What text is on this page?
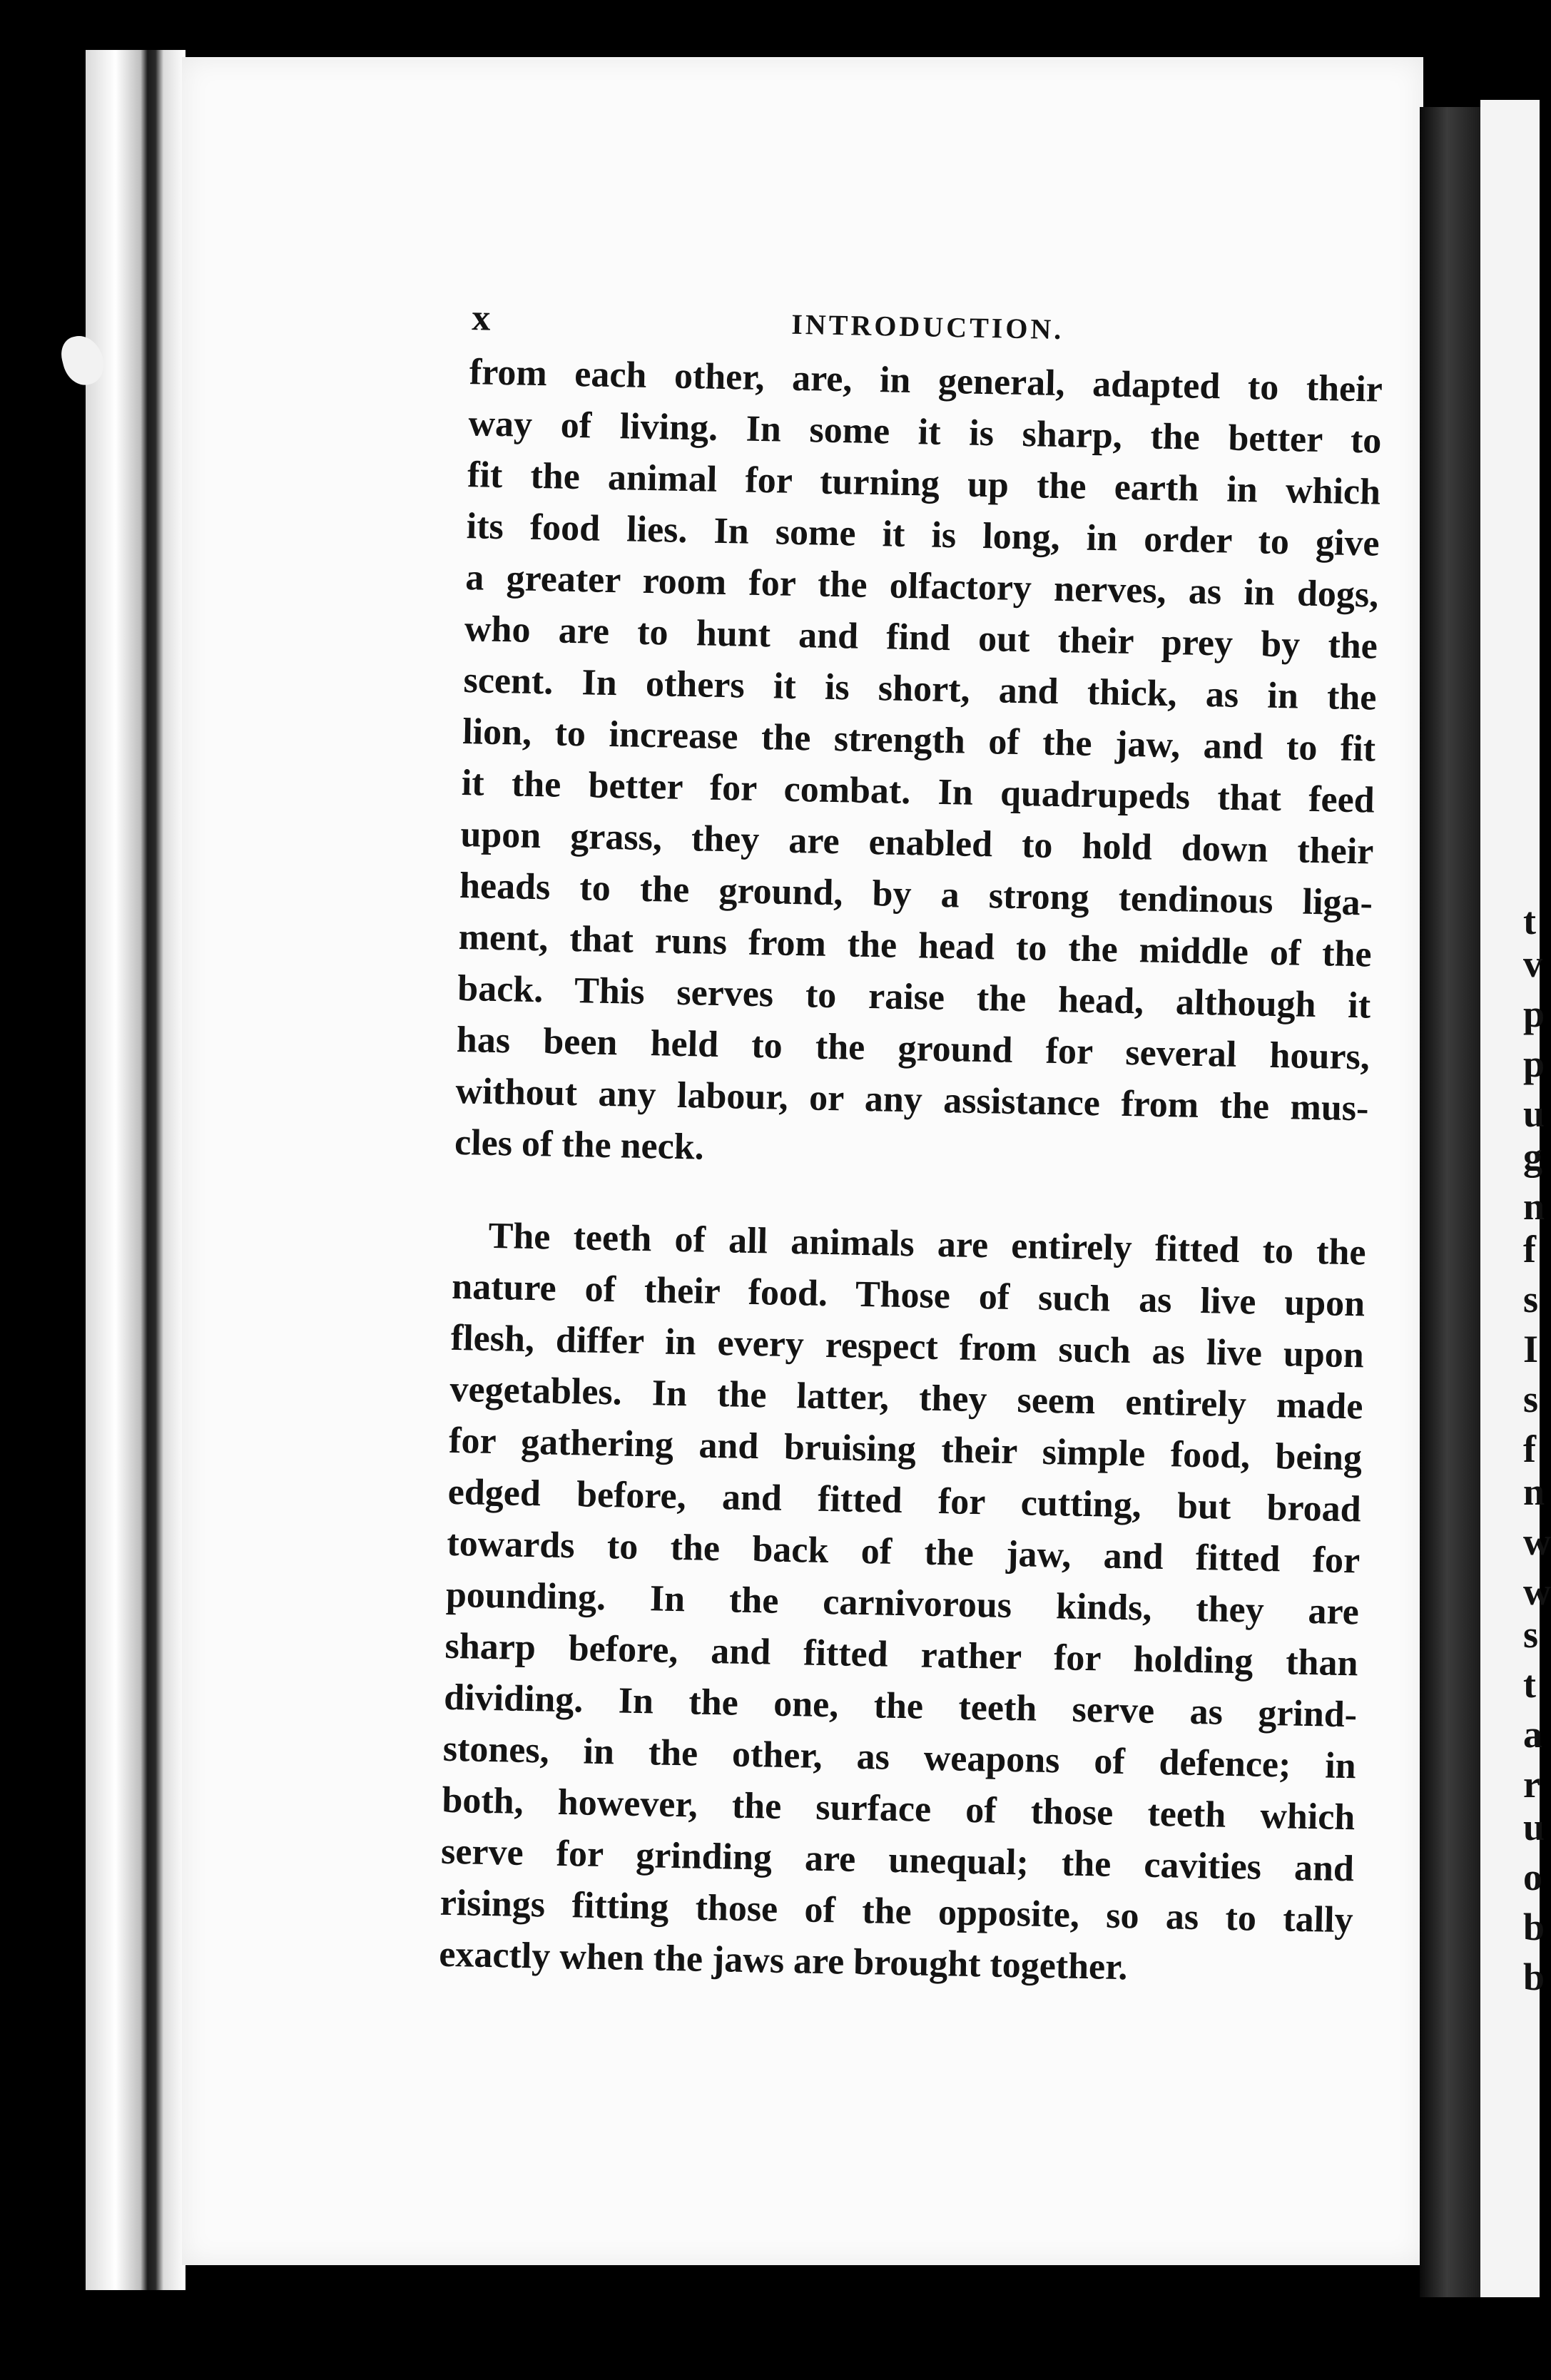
t
v
p
p
u
g
n
f
s
I
s
f
n
w
w
s
t
a
r
u
o
b
b
x	INTRODUCTION.
from each other, are, in general, adapted to their
way of living. In some it is sharp, the better to
fit the animal for turning up the earth in which
its food lies. In some it is long, in order to give
a greater room for the olfactory nerves, as in dogs,
who are to hunt and find out their prey by the
scent. In others it is short, and thick, as in the
lion, to increase the strength of the jaw, and to fit
it the better for combat. In quadrupeds that feed
upon grass, they are enabled to hold down their
heads to the ground, by a strong tendinous liga-
ment, that runs from the head to the middle of the
back. This serves to raise the head, although it
has been held to the ground for several hours,
without any labour, or any assistance from the mus-
cles of the neck.
The teeth of all animals are entirely fitted to the
nature of their food. Those of such as live upon
flesh, differ in every respect from such as live upon
vegetables. In the latter, they seem entirely made
for gathering and bruising their simple food, being
edged before, and fitted for cutting, but broad
towards to the back of the jaw, and fitted for
pounding. In the carnivorous kinds, they are
sharp before, and fitted rather for holding than
dividing. In the one, the teeth serve as grind-
stones, in the other, as weapons of defence; in
both, however, the surface of those teeth which
serve for grinding are unequal; the cavities and
risings fitting those of the opposite, so as to tally
exactly when the jaws are brought together.
